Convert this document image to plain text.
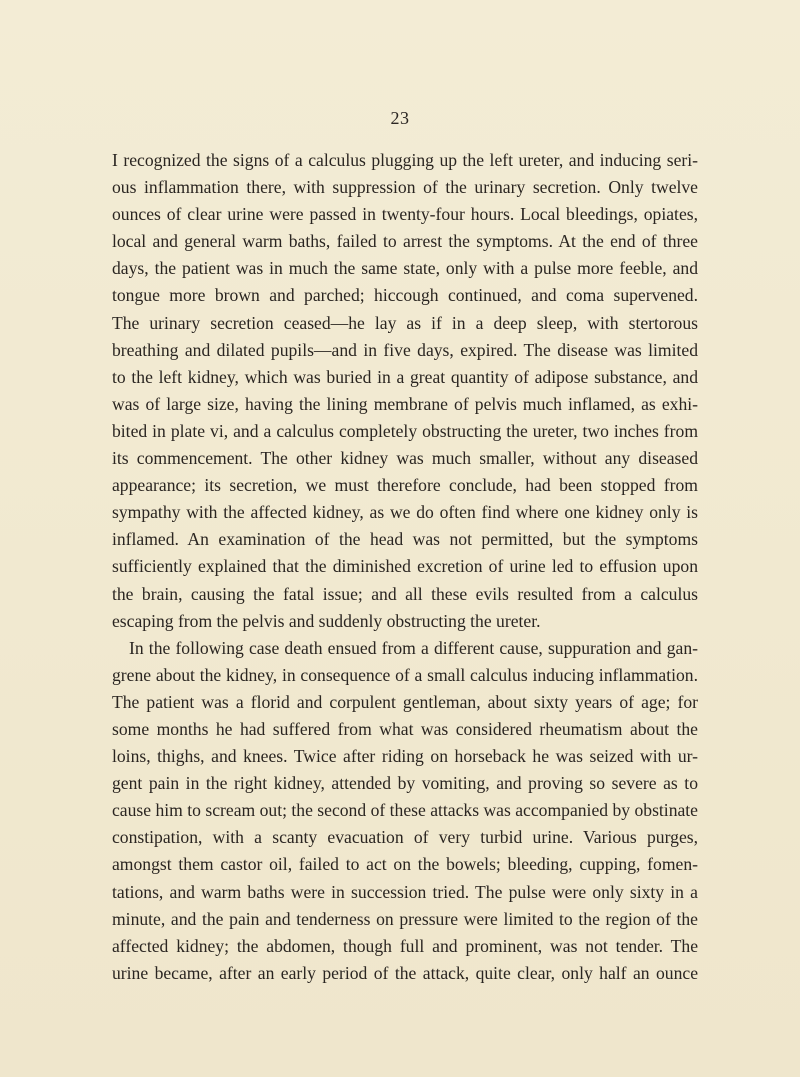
23
I recognized the signs of a calculus plugging up the left ureter, and inducing seri-
ous inflammation there, with suppression of the urinary secretion. Only twelve
ounces of clear urine were passed in twenty-four hours. Local bleedings, opiates,
local and general warm baths, failed to arrest the symptoms. At the end of three
days, the patient was in much the same state, only with a pulse more feeble, and
tongue more brown and parched; hiccough continued, and coma supervened.
The urinary secretion ceased—he lay as if in a deep sleep, with stertorous
breathing and dilated pupils—and in five days, expired. The disease was limited
to the left kidney, which was buried in a great quantity of adipose substance, and
was of large size, having the lining membrane of pelvis much inflamed, as exhi-
bited in plate vi, and a calculus completely obstructing the ureter, two inches from
its commencement. The other kidney was much smaller, without any diseased
appearance; its secretion, we must therefore conclude, had been stopped from
sympathy with the affected kidney, as we do often find where one kidney only is
inflamed. An examination of the head was not permitted, but the symptoms
sufficiently explained that the diminished excretion of urine led to effusion upon
the brain, causing the fatal issue; and all these evils resulted from a calculus
escaping from the pelvis and suddenly obstructing the ureter.
In the following case death ensued from a different cause, suppuration and gan-
grene about the kidney, in consequence of a small calculus inducing inflammation.
The patient was a florid and corpulent gentleman, about sixty years of age; for
some months he had suffered from what was considered rheumatism about the
loins, thighs, and knees. Twice after riding on horseback he was seized with ur-
gent pain in the right kidney, attended by vomiting, and proving so severe as to
cause him to scream out; the second of these attacks was accompanied by obstinate
constipation, with a scanty evacuation of very turbid urine. Various purges,
amongst them castor oil, failed to act on the bowels; bleeding, cupping, fomen-
tations, and warm baths were in succession tried. The pulse were only sixty in a
minute, and the pain and tenderness on pressure were limited to the region of the
affected kidney; the abdomen, though full and prominent, was not tender. The
urine became, after an early period of the attack, quite clear, only half an ounce
